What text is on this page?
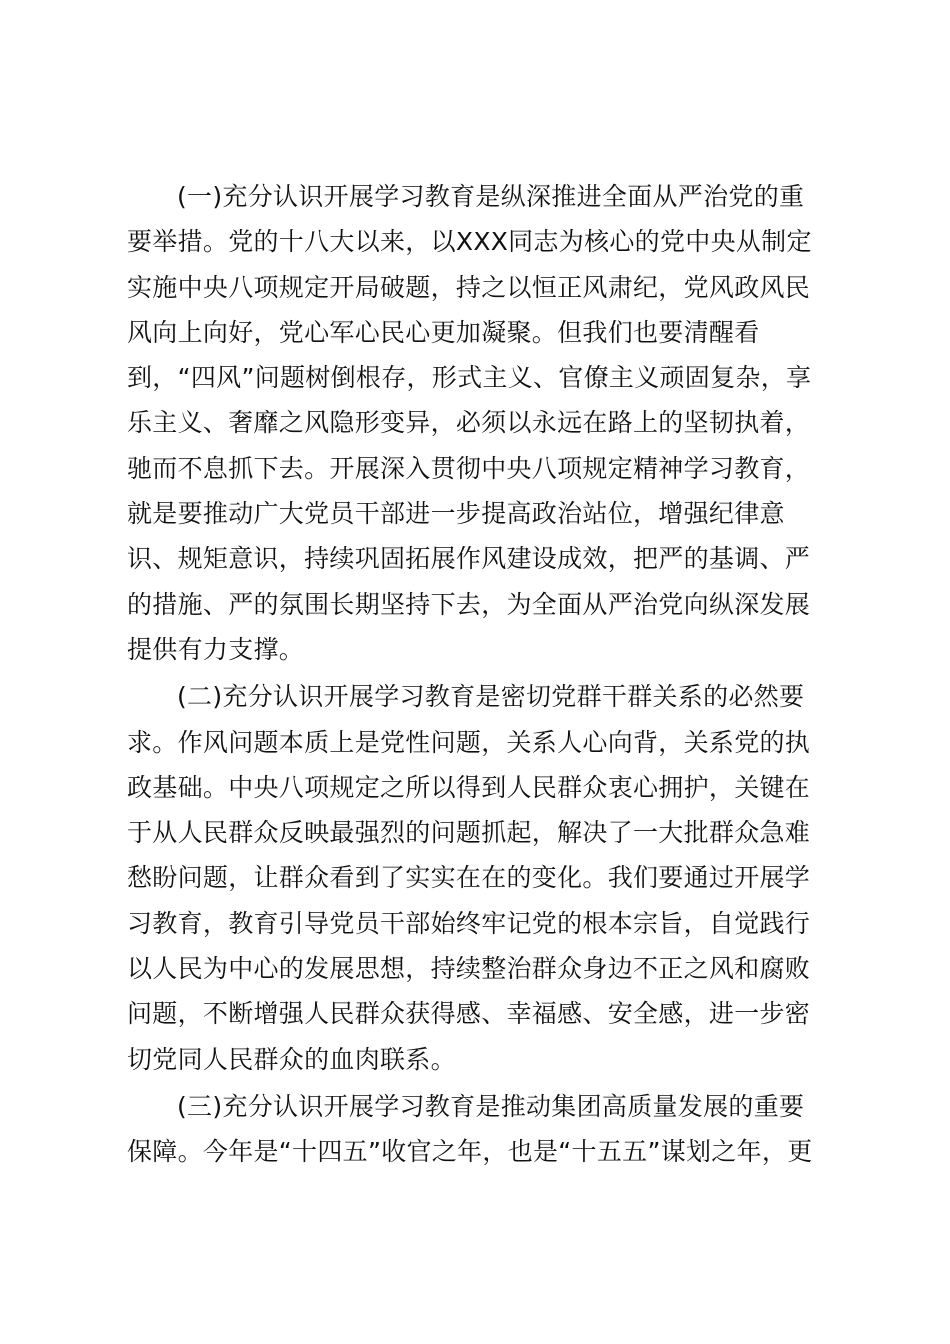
(一)充分认识开展学习教育是纵深推进全面从严治党的重
要举措。党的十八大以来，以XXX同志为核心的党中央从制定
实施中央八项规定开局破题，持之以恒正风肃纪，党风政风民
风向上向好，党心军心民心更加凝聚。但我们也要清醒看
到，“四风”问题树倒根存，形式主义、官僚主义顽固复杂，享
乐主义、奢靡之风隐形变异，必须以永远在路上的坚韧执着，
驰而不息抓下去。开展深入贯彻中央八项规定精神学习教育，
就是要推动广大党员干部进一步提高政治站位，增强纪律意
识、规矩意识，持续巩固拓展作风建设成效，把严的基调、严
的措施、严的氛围长期坚持下去，为全面从严治党向纵深发展
提供有力支撑。

(二)充分认识开展学习教育是密切党群干群关系的必然要
求。作风问题本质上是党性问题，关系人心向背，关系党的执
政基础。中央八项规定之所以得到人民群众衷心拥护，关键在
于从人民群众反映最强烈的问题抓起，解决了一大批群众急难
愁盼问题，让群众看到了实实在在的变化。我们要通过开展学
习教育，教育引导党员干部始终牢记党的根本宗旨，自觉践行
以人民为中心的发展思想，持续整治群众身边不正之风和腐败
问题，不断增强人民群众获得感、幸福感、安全感，进一步密
切党同人民群众的血肉联系。

(三)充分认识开展学习教育是推动集团高质量发展的重要
保障。今年是“十四五”收官之年，也是“十五五”谋划之年，更
